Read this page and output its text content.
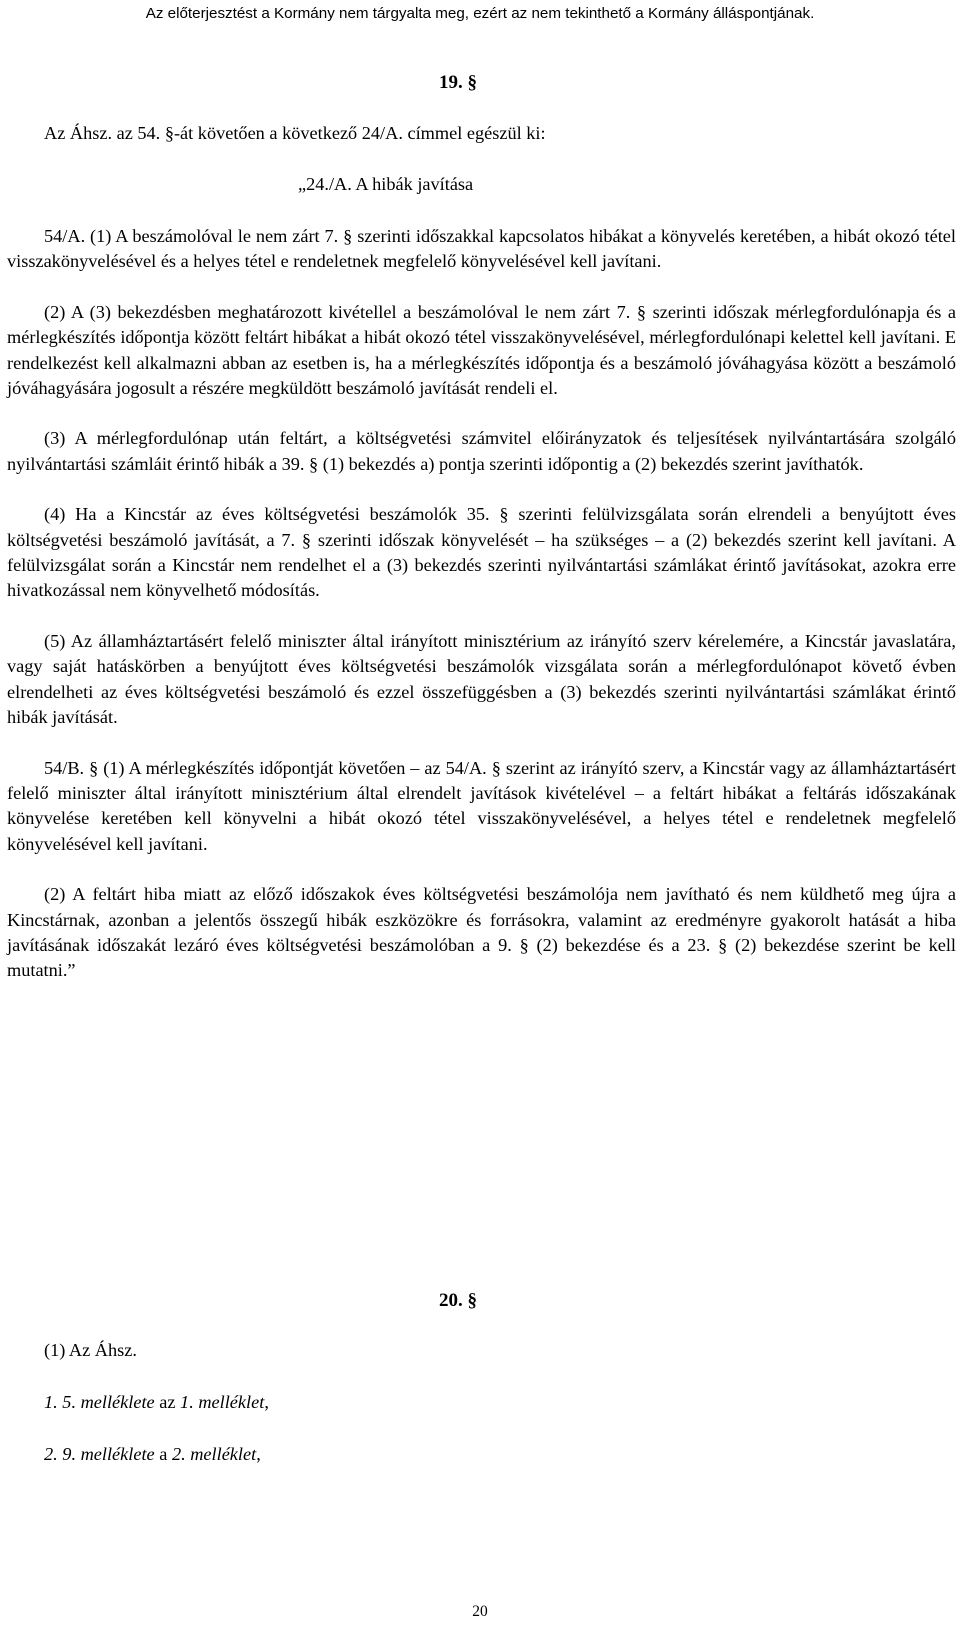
Az előterjesztést a Kormány nem tárgyalta meg, ezért az nem tekinthető a Kormány álláspontjának.
19. §

Az Áhsz. az 54. §-át követően a következő 24/A. címmel egészül ki:

„24./A. A hibák javítása

54/A. (1) A beszámolóval le nem zárt 7. § szerinti időszakkal kapcsolatos hibákat a könyvelés keretében, a hibát okozó tétel visszakönyvelésével és a helyes tétel e rendeletnek megfelelő könyvelésével kell javítani.

(2) A (3) bekezdésben meghatározott kivétellel a beszámolóval le nem zárt 7. § szerinti időszak mérlegfordulónapja és a mérlegkészítés időpontja között feltárt hibákat a hibát okozó tétel visszakönyvelésével, mérlegfordulónapi kelettel kell javítani. E rendelkezést kell alkalmazni abban az esetben is, ha a mérlegkészítés időpontja és a beszámoló jóváhagyása között a beszámoló jóváhagyására jogosult a részére megküldött beszámoló javítását rendeli el.

(3) A mérlegfordulónap után feltárt, a költségvetési számvitel előirányzatok és teljesítések nyilvántartására szolgáló nyilvántartási számláit érintő hibák a 39. § (1) bekezdés a) pontja szerinti időpontig a (2) bekezdés szerint javíthatók.

(4) Ha a Kincstár az éves költségvetési beszámolók 35. § szerinti felülvizsgálata során elrendeli a benyújtott éves költségvetési beszámoló javítását, a 7. § szerinti időszak könyvelését – ha szükséges – a (2) bekezdés szerint kell javítani. A felülvizsgálat során a Kincstár nem rendelhet el a (3) bekezdés szerinti nyilvántartási számlákat érintő javításokat, azokra erre hivatkozással nem könyvelhető módosítás.

(5) Az államháztartásért felelő miniszter által irányított minisztérium az irányító szerv kérelemére, a Kincstár javaslatára, vagy saját hatáskörben a benyújtott éves költségvetési beszámolók vizsgálata során a mérlegfordulónapot követő évben elrendelheti az éves költségvetési beszámoló és ezzel összefüggésben a (3) bekezdés szerinti nyilvántartási számlákat érintő hibák javítását.

54/B. § (1) A mérlegkészítés időpontját követően – az 54/A. § szerint az irányító szerv, a Kincstár vagy az államháztartásért felelő miniszter által irányított minisztérium által elrendelt javítások kivételével – a feltárt hibákat a feltárás időszakának könyvelése keretében kell könyvelni a hibát okozó tétel visszakönyvelésével, a helyes tétel e rendeletnek megfelelő könyvelésével kell javítani.

(2) A feltárt hiba miatt az előző időszakok éves költségvetési beszámolója nem javítható és nem küldhető meg újra a Kincstárnak, azonban a jelentős összegű hibák eszközökre és forrásokra, valamint az eredményre gyakorolt hatását a hiba javításának időszakát lezáró éves költségvetési beszámolóban a 9. § (2) bekezdése és a 23. § (2) bekezdése szerint be kell mutatni.”

20. §

(1) Az Áhsz.

1. 5. melléklete az 1. melléklet,

2. 9. melléklete a 2. melléklet,

20
